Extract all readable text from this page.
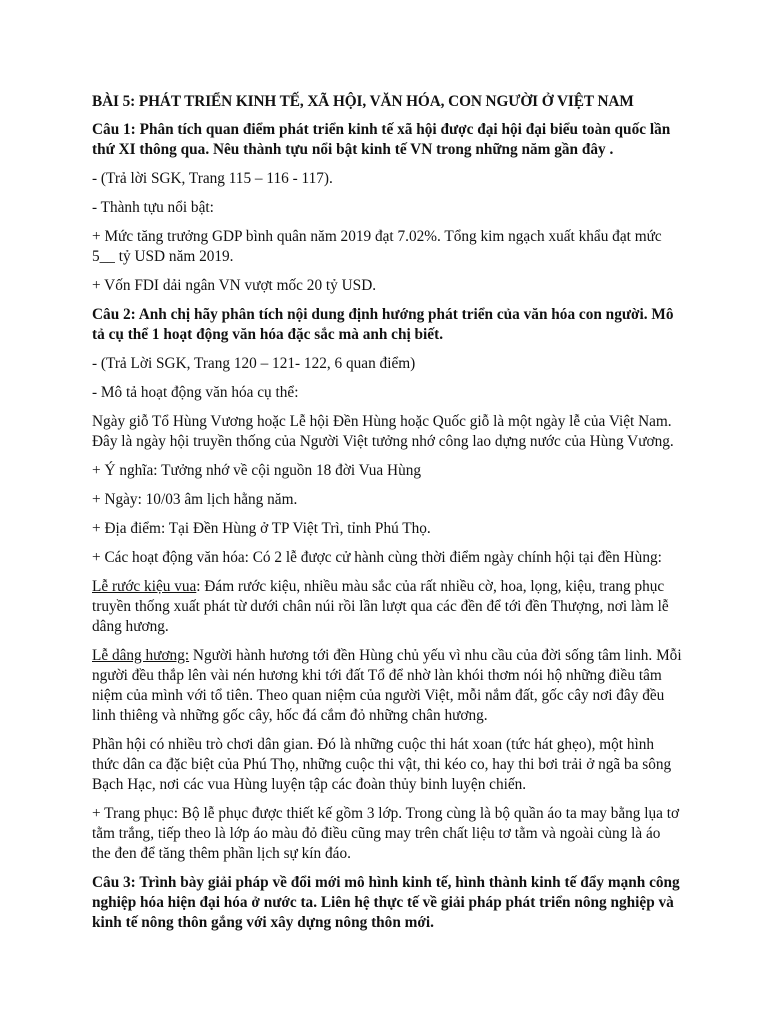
BÀI 5: PHÁT TRIỂN KINH TẾ, XÃ HỘI, VĂN HÓA, CON NGƯỜI Ở VIỆT NAM

Câu 1: Phân tích quan điểm phát triển kinh tế xã hội được đại hội đại biểu toàn quốc lần thứ XI thông qua. Nêu thành tựu nổi bật kinh tế VN trong những năm gần đây .

- (Trả lời SGK, Trang 115 – 116 - 117).

- Thành tựu nổi bật:

+ Mức tăng trưởng GDP bình quân năm 2019 đạt 7.02%. Tổng kim ngạch xuất khẩu đạt mức 5__ tỷ USD năm 2019.

+ Vốn FDI dải ngân VN vượt mốc 20 tỷ USD.

Câu 2: Anh chị hãy phân tích nội dung định hướng phát triển của văn hóa con người. Mô tả cụ thể 1 hoạt động văn hóa đặc sắc mà anh chị biết.

- (Trả Lời SGK, Trang 120 – 121- 122, 6 quan điểm)

- Mô tả hoạt động văn hóa cụ thể:

Ngày giỗ Tổ Hùng Vương hoặc Lễ hội Đền Hùng hoặc Quốc giỗ là một ngày lễ của Việt Nam. Đây là ngày hội truyền thống của Người Việt tưởng nhớ công lao dựng nước của Hùng Vương.

+ Ý nghĩa: Tưởng nhớ về cội nguồn 18 đời Vua Hùng

+ Ngày: 10/03 âm lịch hằng năm.

+ Địa điểm: Tại Đền Hùng ở TP Việt Trì, tỉnh Phú Thọ.

+ Các hoạt động văn hóa: Có 2 lễ được cử hành cùng thời điểm ngày chính hội tại đền Hùng:

Lễ rước kiệu vua: Đám rước kiệu, nhiều màu sắc của rất nhiều cờ, hoa, lọng, kiệu, trang phục truyền thống xuất phát từ dưới chân núi rồi lần lượt qua các đền để tới đền Thượng, nơi làm lễ dâng hương.

Lễ dâng hương: Người hành hương tới đền Hùng chủ yếu vì nhu cầu của đời sống tâm linh. Mỗi người đều thắp lên vài nén hương khi tới đất Tổ để nhờ làn khói thơm nói hộ những điều tâm niệm của mình với tổ tiên. Theo quan niệm của người Việt, mỗi nắm đất, gốc cây nơi đây đều linh thiêng và những gốc cây, hốc đá cắm đỏ những chân hương.

Phần hội có nhiều trò chơi dân gian. Đó là những cuộc thi hát xoan (tức hát ghẹo), một hình thức dân ca đặc biệt của Phú Thọ, những cuộc thi vật, thi kéo co, hay thi bơi trải ở ngã ba sông Bạch Hạc, nơi các vua Hùng luyện tập các đoàn thủy binh luyện chiến.

+ Trang phục: Bộ lễ phục được thiết kế gồm 3 lớp. Trong cùng là bộ quần áo ta may bằng lụa tơ tằm trắng, tiếp theo là lớp áo màu đỏ điều cũng may trên chất liệu tơ tằm và ngoài cùng là áo the đen để tăng thêm phần lịch sự kín đáo.

Câu 3: Trình bày giải pháp về đổi mới mô hình kinh tế, hình thành kinh tế đẩy mạnh công nghiệp hóa hiện đại hóa ở nước ta. Liên hệ thực tế về giải pháp phát triển nông nghiệp và kinh tế nông thôn gắng với xây dựng nông thôn mới.
